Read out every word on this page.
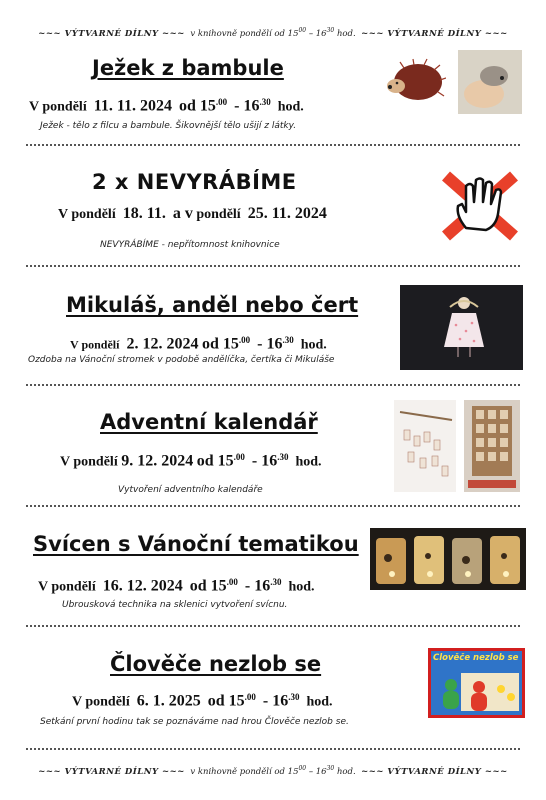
~~~ VÝTVARNÉ DÍLNY ~~~ v knihovně pondělí od $15^{00} - 16^{30}$ hod. ~~~ VÝTVARNÉ DÍLNY ~~~
Ježek z bambule
V pondělí 11. 11. 2024 od $15^{.00} - 16^{.30}$ hod.
Ježek - tělo z filcu a bambule. Šikovnější tělo ušijí z látky.
2 x NEVYRÁBÍME
V pondělí 18. 11. a v pondělí 25. 11. 2024
NEVYRÁBÍME - nepřítomnost knihovnice
Mikuláš, anděl nebo čert
V pondělí 2. 12. 2024 od $15^{.00} - 16^{.30}$ hod.
Ozdoba na Vánoční stromek v podobě andělíčka, čertíka či Mikuláše
Adventní kalendář
V pondělí 9. 12. 2024 od $15^{.00} - 16^{.30}$ hod.
Vytvoření adventního kalendáře
Svícen s Vánoční tematikou
V pondělí 16. 12. 2024 od $15^{.00} - 16^{.30}$ hod.
Ubrousková technika na sklenici vytvoření svícnu.
Člověče nezlob se
V pondělí 6. 1. 2025 od $15^{.00} - 16^{.30}$ hod.
Setkání první hodinu tak se poznáváme nad hrou Člověče nezlob se.
Člověče nezlob se
~~~ VÝTVARNÉ DÍLNY ~~~ v knihovně pondělí od $15^{00} - 16^{30}$ hod. ~~~ VÝTVARNÉ DÍLNY ~~~
